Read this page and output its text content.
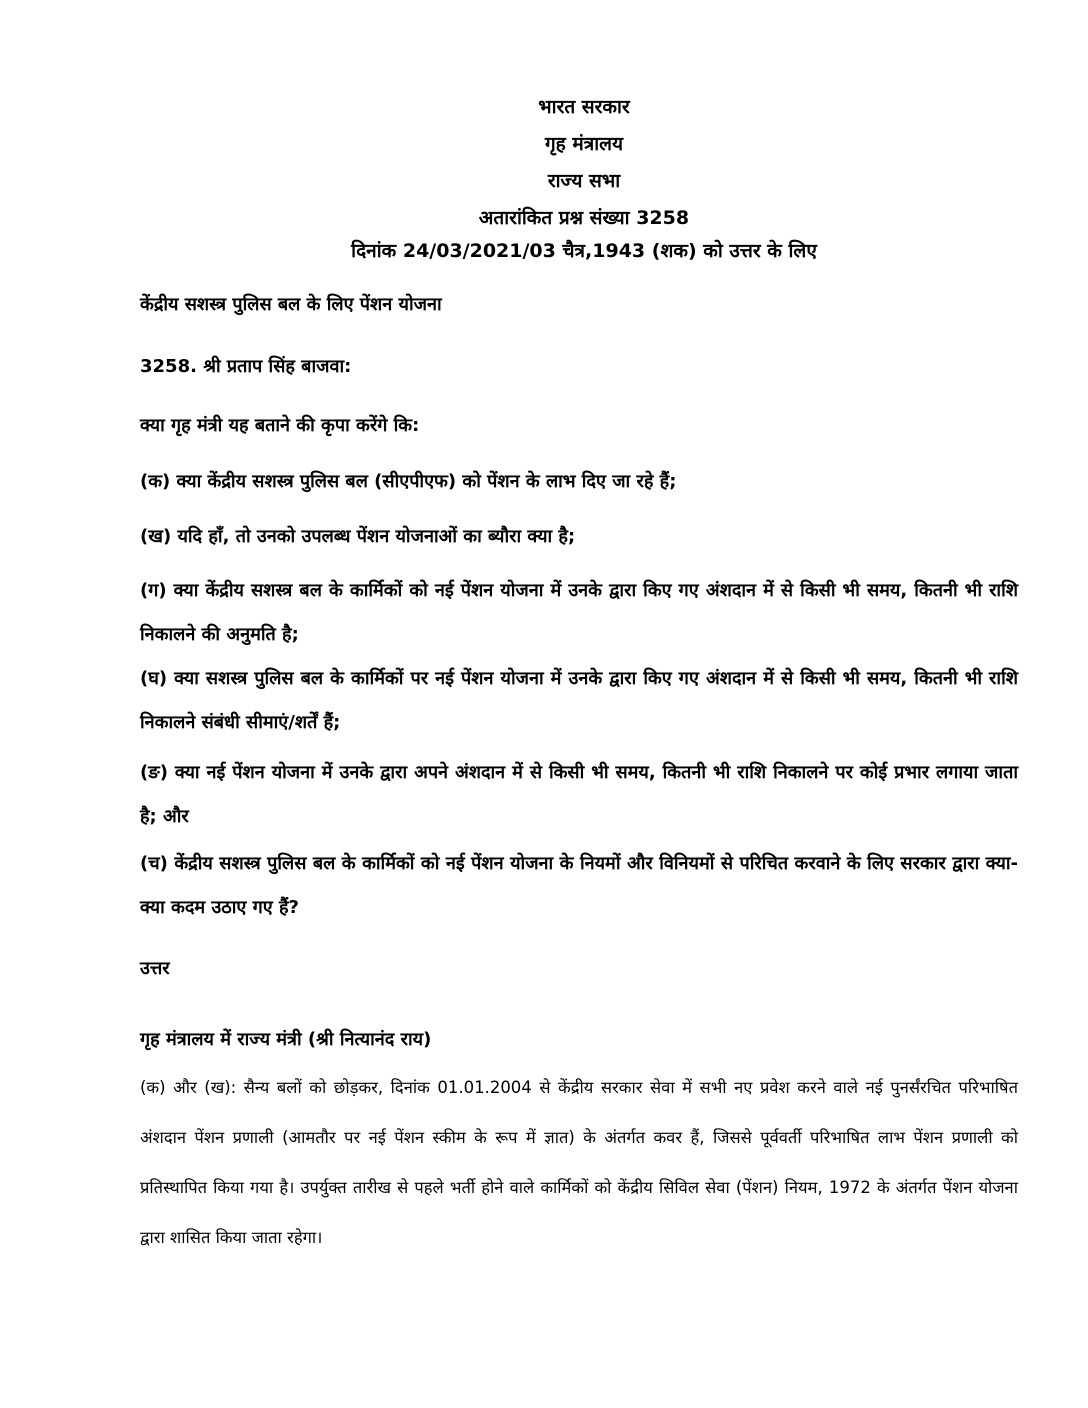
भारत सरकार
गृह मंत्रालय
राज्य सभा
अतारांकित प्रश्न संख्या 3258
दिनांक 24/03/2021/03 चैत्र,1943 (शक) को उत्तर के लिए
केंद्रीय सशस्त्र पुलिस बल के लिए पेंशन योजना
3258. श्री प्रताप सिंह बाजवा:
क्या गृह मंत्री यह बताने की कृपा करेंगे कि:
(क) क्या केंद्रीय सशस्त्र पुलिस बल (सीएपीएफ) को पेंशन के लाभ दिए जा रहे हैं;
(ख) यदि हाँ, तो उनको उपलब्ध पेंशन योजनाओं का ब्यौरा क्या है;
(ग) क्या केंद्रीय सशस्त्र बल के कार्मिकों को नई पेंशन योजना में उनके द्वारा किए गए अंशदान में से किसी भी समय, कितनी भी राशि निकालने की अनुमति है;
(घ) क्या सशस्त्र पुलिस बल के कार्मिकों पर नई पेंशन योजना में उनके द्वारा किए गए अंशदान में से किसी भी समय, कितनी भी राशि निकालने संबंधी सीमाएं/शर्तें हैं;
(ङ) क्या नई पेंशन योजना में उनके द्वारा अपने अंशदान में से किसी भी समय, कितनी भी राशि निकालने पर कोई प्रभार लगाया जाता है; और
(च) केंद्रीय सशस्त्र पुलिस बल के कार्मिकों को नई पेंशन योजना के नियमों और विनियमों से परिचित करवाने के लिए सरकार द्वारा क्या-क्या कदम उठाए गए हैं?
उत्तर
गृह मंत्रालय में राज्य मंत्री (श्री नित्यानंद राय)
(क) और (ख): सैन्य बलों को छोड़कर, दिनांक 01.01.2004 से केंद्रीय सरकार सेवा में सभी नए प्रवेश करने वाले नई पुनर्संरचित परिभाषित अंशदान पेंशन प्रणाली (आमतौर पर नई पेंशन स्कीम के रूप में ज्ञात) के अंतर्गत कवर हैं, जिससे पूर्ववर्ती परिभाषित लाभ पेंशन प्रणाली को प्रतिस्थापित किया गया है। उपर्युक्त तारीख से पहले भर्ती होने वाले कार्मिकों को केंद्रीय सिविल सेवा (पेंशन) नियम, 1972 के अंतर्गत पेंशन योजना द्वारा शासित किया जाता रहेगा।
